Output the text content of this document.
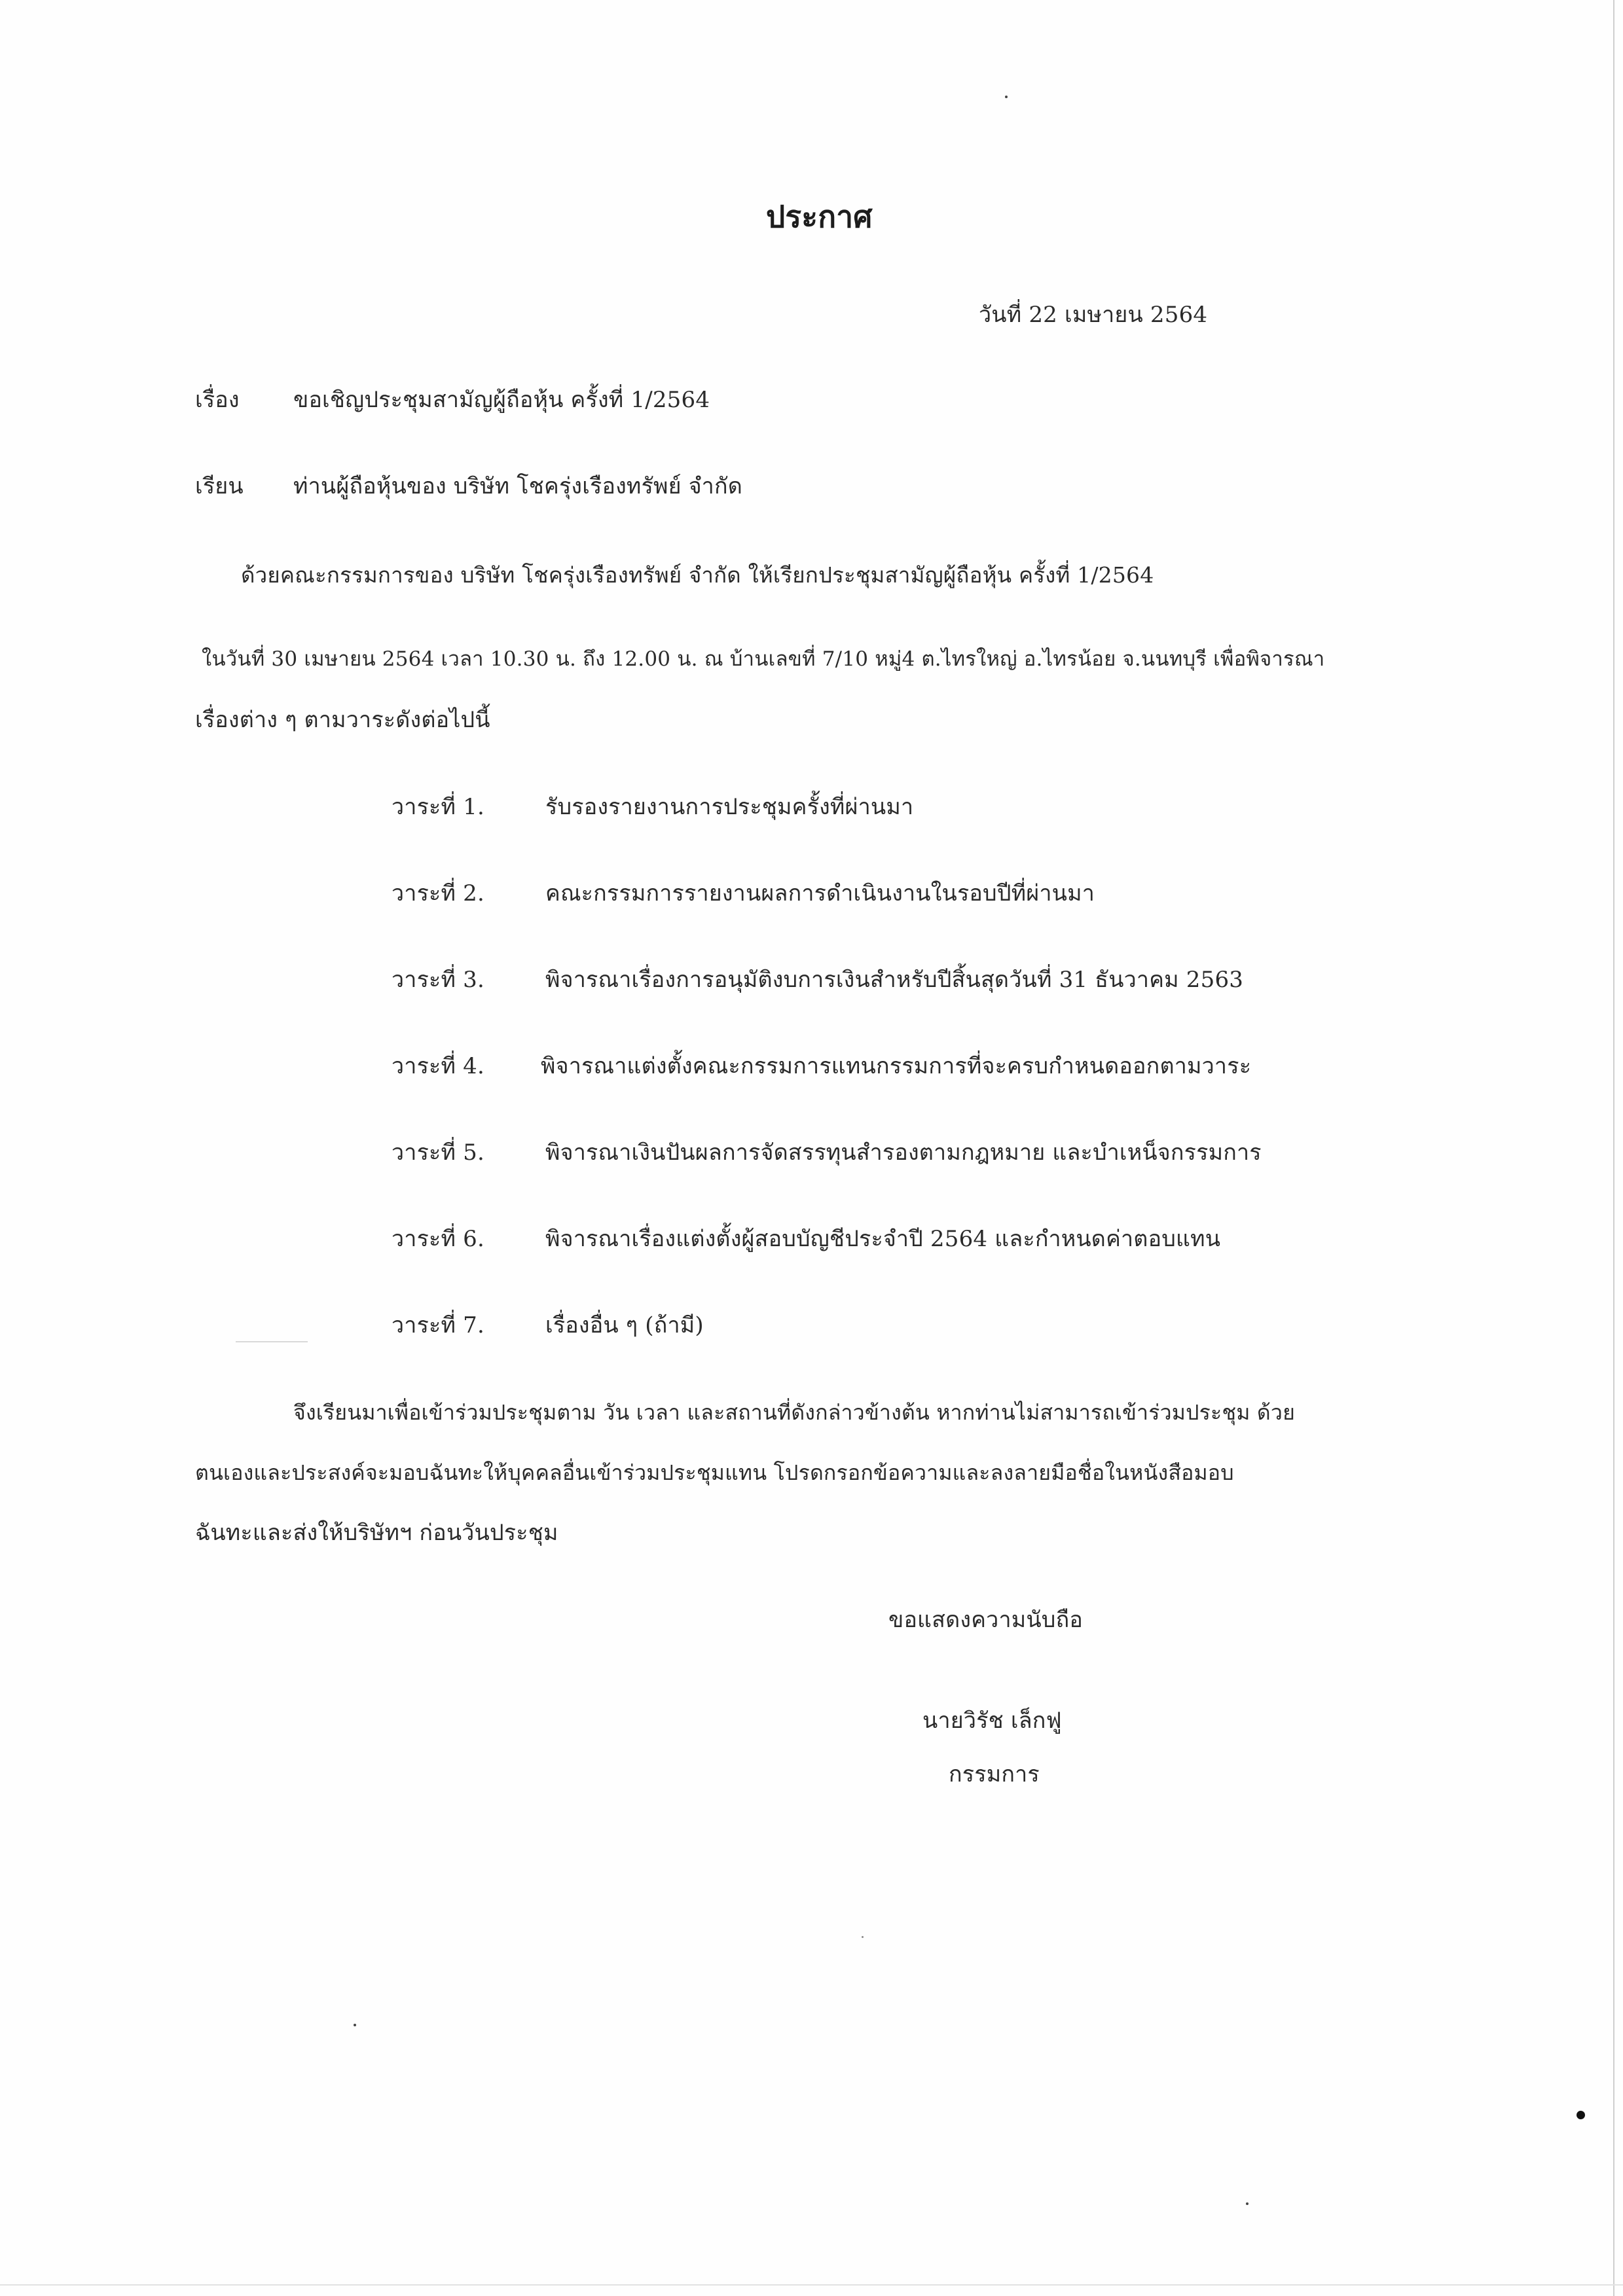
ประกาศ
วันที่ 22 เมษายน 2564
เรื่อง ขอเชิญประชุมสามัญผู้ถือหุ้น ครั้งที่ 1/2564
เรียน ท่านผู้ถือหุ้นของ บริษัท โชครุ่งเรืองทรัพย์ จำกัด
ด้วยคณะกรรมการของ บริษัท โชครุ่งเรืองทรัพย์ จำกัด ให้เรียกประชุมสามัญผู้ถือหุ้น ครั้งที่ 1/2564
ในวันที่ 30 เมษายน 2564 เวลา 10.30 น. ถึง 12.00 น. ณ บ้านเลขที่ 7/10 หมู่4 ต.ไทรใหญ่ อ.ไทรน้อย จ.นนทบุรี เพื่อพิจารณา
เรื่องต่าง ๆ ตามวาระดังต่อไปนี้
วาระที่ 1.	รับรองรายงานการประชุมครั้งที่ผ่านมา
วาระที่ 2.	คณะกรรมการรายงานผลการดำเนินงานในรอบปีที่ผ่านมา
วาระที่ 3.	พิจารณาเรื่องการอนุมัติงบการเงินสำหรับปีสิ้นสุดวันที่ 31 ธันวาคม 2563
วาระที่ 4.	พิจารณาแต่งตั้งคณะกรรมการแทนกรรมการที่จะครบกำหนดออกตามวาระ
วาระที่ 5.	พิจารณาเงินปันผลการจัดสรรทุนสำรองตามกฎหมาย และบำเหน็จกรรมการ
วาระที่ 6.	พิจารณาเรื่องแต่งตั้งผู้สอบบัญชีประจำปี 2564 และกำหนดค่าตอบแทน
วาระที่ 7.	เรื่องอื่น ๆ (ถ้ามี)
จึงเรียนมาเพื่อเข้าร่วมประชุมตาม วัน เวลา และสถานที่ดังกล่าวข้างต้น หากท่านไม่สามารถเข้าร่วมประชุม ด้วย
ตนเองและประสงค์จะมอบฉันทะให้บุคคลอื่นเข้าร่วมประชุมแทน โปรดกรอกข้อความและลงลายมือชื่อในหนังสือมอบ
ฉันทะและส่งให้บริษัทฯ ก่อนวันประชุม
ขอแสดงความนับถือ
นายวิรัช เล็กฟู
กรรมการ
